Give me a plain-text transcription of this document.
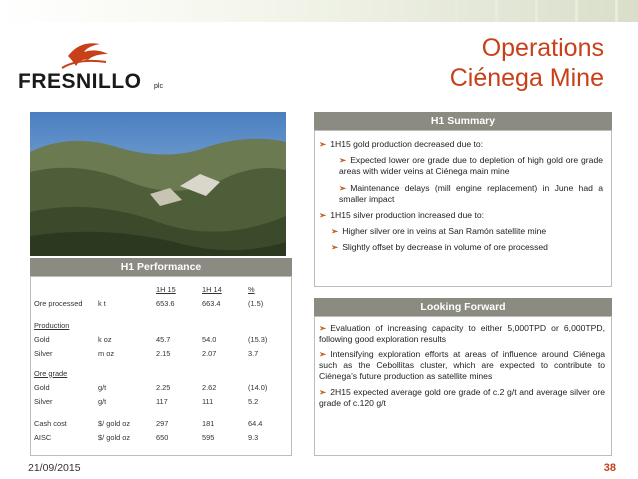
FRESNILLO plc
Operations
Ciénega Mine
H1 Summary
➢ 1H15 gold production decreased due to:
➢ Expected lower ore grade due to depletion of high gold ore grade areas with wider veins at Ciénega main mine
➢ Maintenance delays (mill engine replacement) in June had a smaller impact
➢ 1H15 silver production increased due to:
➢ Higher silver ore in veins at San Ramón satellite mine
➢ Slightly offset by decrease in volume of ore processed
Looking Forward
➢ Evaluation of increasing capacity to either 5,000TPD or 6,000TPD, following good exploration results
➢ Intensifying exploration efforts at areas of influence around Ciénega such as the Cebollitas cluster, which are expected to contribute to Ciénega’s future production as satellite mines
➢ 2H15 expected average gold ore grade of c.2 g/t and average silver ore grade of c.120 g/t
H1 Performance
		1H 15	1H 14	%
Ore processed	k t	653.6	663.4	(1.5)

Production				
Gold	k oz	45.7	54.0	(15.3)
Silver	m oz	2.15	2.07	3.7

Ore grade				
Gold	g/t	2.25	2.62	(14.0)
Silver	g/t	117	111	5.2

Cash cost	$/ gold oz	297	181	64.4
AISC	$/ gold oz	650	595	9.3
21/09/2015	38
